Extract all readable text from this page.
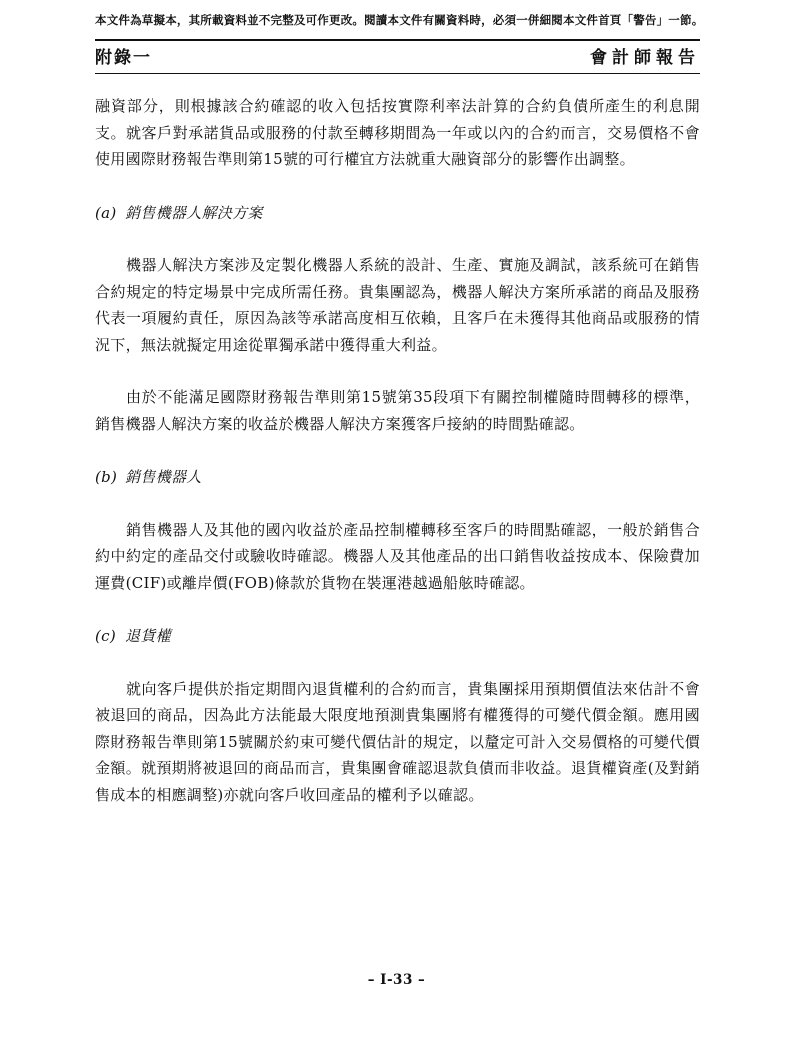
本文件為草擬本，其所載資料並不完整及可作更改。閱讀本文件有關資料時，必須一併細閱本文件首頁「警告」一節。
附錄一	會計師報告

融資部分，則根據該合約確認的收入包括按實際利率法計算的合約負債所產生的利息開支。就客戶對承諾貨品或服務的付款至轉移期間為一年或以內的合約而言，交易價格不會使用國際財務報告準則第15號的可行權宜方法就重大融資部分的影響作出調整。

(a) 銷售機器人解決方案

機器人解決方案涉及定製化機器人系統的設計、生產、實施及調試，該系統可在銷售合約規定的特定場景中完成所需任務。貴集團認為，機器人解決方案所承諾的商品及服務代表一項履約責任，原因為該等承諾高度相互依賴，且客戶在未獲得其他商品或服務的情況下，無法就擬定用途從單獨承諾中獲得重大利益。

由於不能滿足國際財務報告準則第15號第35段項下有關控制權隨時間轉移的標準，銷售機器人解決方案的收益於機器人解決方案獲客戶接納的時間點確認。

(b) 銷售機器人

銷售機器人及其他的國內收益於產品控制權轉移至客戶的時間點確認，一般於銷售合約中約定的產品交付或驗收時確認。機器人及其他產品的出口銷售收益按成本、保險費加運費(CIF)或離岸價(FOB)條款於貨物在裝運港越過船舷時確認。

(c) 退貨權

就向客戶提供於指定期間內退貨權利的合約而言，貴集團採用預期價值法來估計不會被退回的商品，因為此方法能最大限度地預測貴集團將有權獲得的可變代價金額。應用國際財務報告準則第15號關於約束可變代價估計的規定，以釐定可計入交易價格的可變代價金額。就預期將被退回的商品而言，貴集團會確認退款負債而非收益。退貨權資產(及對銷售成本的相應調整)亦就向客戶收回產品的權利予以確認。

– I-33 –
